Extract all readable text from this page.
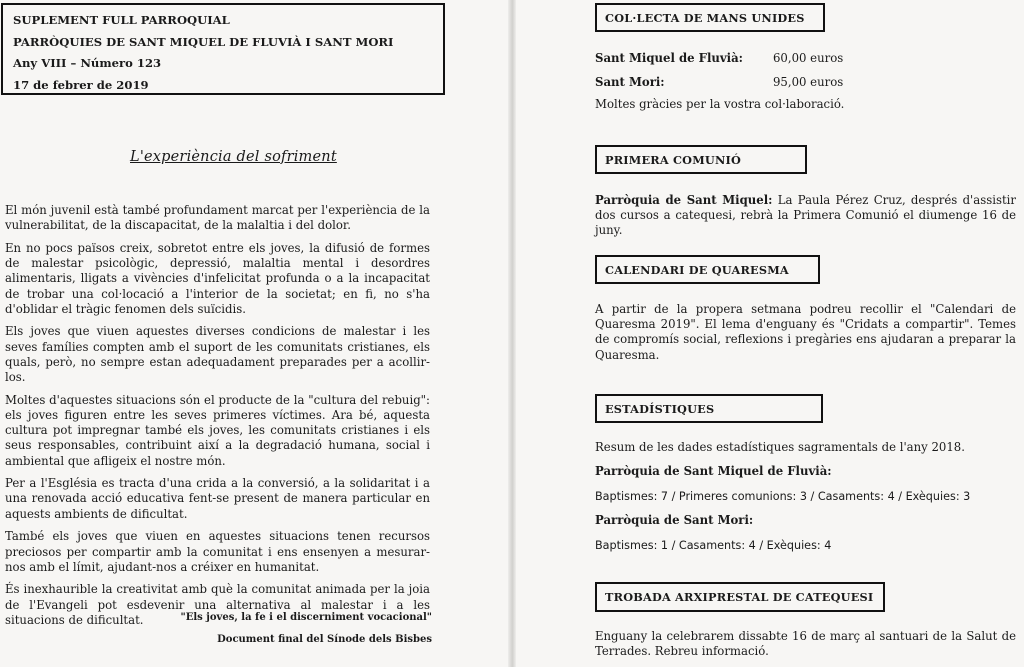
SUPLEMENT FULL PARROQUIAL
PARRÒQUIES DE SANT MIQUEL DE FLUVIÀ I SANT MORI
Any VIII – Número 123
17 de febrer de 2019
L'experiència del sofriment

El món juvenil està també profundament marcat per l'experiència de la vulnerabilitat, de la discapacitat, de la malaltia i del dolor.

En no pocs països creix, sobretot entre els joves, la difusió de formes de malestar psicològic, depressió, malaltia mental i desordres alimentaris, lligats a vivències d'infelicitat profunda o a la incapacitat de trobar una col·locació a l'interior de la societat; en fi, no s'ha d'oblidar el tràgic fenomen dels suïcidis.

Els joves que viuen aquestes diverses condicions de malestar i les seves famílies compten amb el suport de les comunitats cristianes, els quals, però, no sempre estan adequadament preparades per a acollir-los.

Moltes d'aquestes situacions són el producte de la "cultura del rebuig": els joves figuren entre les seves primeres víctimes. Ara bé, aquesta cultura pot impregnar també els joves, les comunitats cristianes i els seus responsables, contribuint així a la degradació humana, social i ambiental que afligeix el nostre món.

Per a l'Església es tracta d'una crida a la conversió, a la solidaritat i a una renovada acció educativa fent-se present de manera particular en aquests ambients de dificultat.

També els joves que viuen en aquestes situacions tenen recursos preciosos per compartir amb la comunitat i ens ensenyen a mesurar-nos amb el límit, ajudant-nos a créixer en humanitat.

És inexhaurible la creativitat amb què la comunitat animada per la joia de l'Evangeli pot esdevenir una alternativa al malestar i a les situacions de dificultat.	"Els joves, la fe i el discerniment vocacional"
Document final del Sínode dels Bisbes
COL·LECTA DE MANS UNIDES
Sant Miquel de Fluvià:	60,00 euros
Sant Mori:	95,00 euros
Moltes gràcies per la vostra col·laboració.
PRIMERA COMUNIÓ
Parròquia de Sant Miquel: La Paula Pérez Cruz, després d'assistir dos cursos a catequesi, rebrà la Primera Comunió el diumenge 16 de juny.
CALENDARI DE QUARESMA
A partir de la propera setmana podreu recollir el "Calendari de Quaresma 2019". El lema d'enguany és "Cridats a compartir". Temes de compromís social, reflexions i pregàries ens ajudaran a preparar la Quaresma.
ESTADÍSTIQUES
Resum de les dades estadístiques sagramentals de l'any 2018.
Parròquia de Sant Miquel de Fluvià:
Baptismes: 7 / Primeres comunions: 3 / Casaments: 4 / Exèquies: 3
Parròquia de Sant Mori:
Baptismes: 1 / Casaments: 4 / Exèquies: 4
TROBADA ARXIPRESTAL DE CATEQUESI
Enguany la celebrarem dissabte 16 de març al santuari de la Salut de Terrades. Rebreu informació.
